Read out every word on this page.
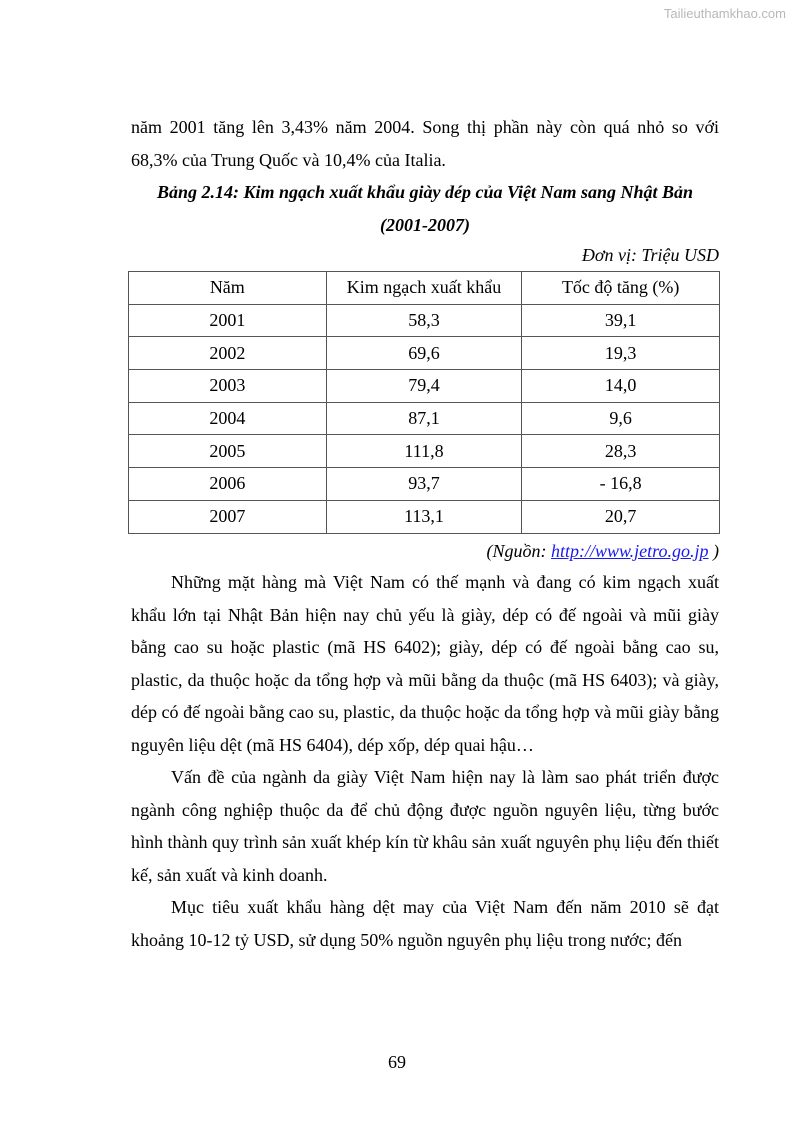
Tailieuthamkhao.com

năm 2001 tăng lên 3,43% năm 2004. Song thị phần này còn quá nhỏ so với 68,3% của Trung Quốc và 10,4% của Italia.

Bảng 2.14: Kim ngạch xuất khẩu giày dép của Việt Nam sang Nhật Bản
(2001-2007)
Đơn vị: Triệu USD
Năm	Kim ngạch xuất khẩu	Tốc độ tăng (%)
2001	58,3	39,1
2002	69,6	19,3
2003	79,4	14,0
2004	87,1	9,6
2005	111,8	28,3
2006	93,7	- 16,8
2007	113,1	20,7
(Nguồn: http://www.jetro.go.jp )

Những mặt hàng mà Việt Nam có thế mạnh và đang có kim ngạch xuất khẩu lớn tại Nhật Bản hiện nay chủ yếu là giày, dép có đế ngoài và mũi giày bằng cao su hoặc plastic (mã HS 6402); giày, dép có đế ngoài bằng cao su, plastic, da thuộc hoặc da tổng hợp và mũi bằng da thuộc (mã HS 6403); và giày, dép có đế ngoài bằng cao su, plastic, da thuộc hoặc da tổng hợp và mũi giày bằng nguyên liệu dệt (mã HS 6404), dép xốp, dép quai hậu…

Vấn đề của ngành da giày Việt Nam hiện nay là làm sao phát triển được ngành công nghiệp thuộc da để chủ động được nguồn nguyên liệu, từng bước hình thành quy trình sản xuất khép kín từ khâu sản xuất nguyên phụ liệu đến thiết kế, sản xuất và kinh doanh.

Mục tiêu xuất khẩu hàng dệt may của Việt Nam đến năm 2010 sẽ đạt khoảng 10-12 tỷ USD, sử dụng 50% nguồn nguyên phụ liệu trong nước; đến

69
